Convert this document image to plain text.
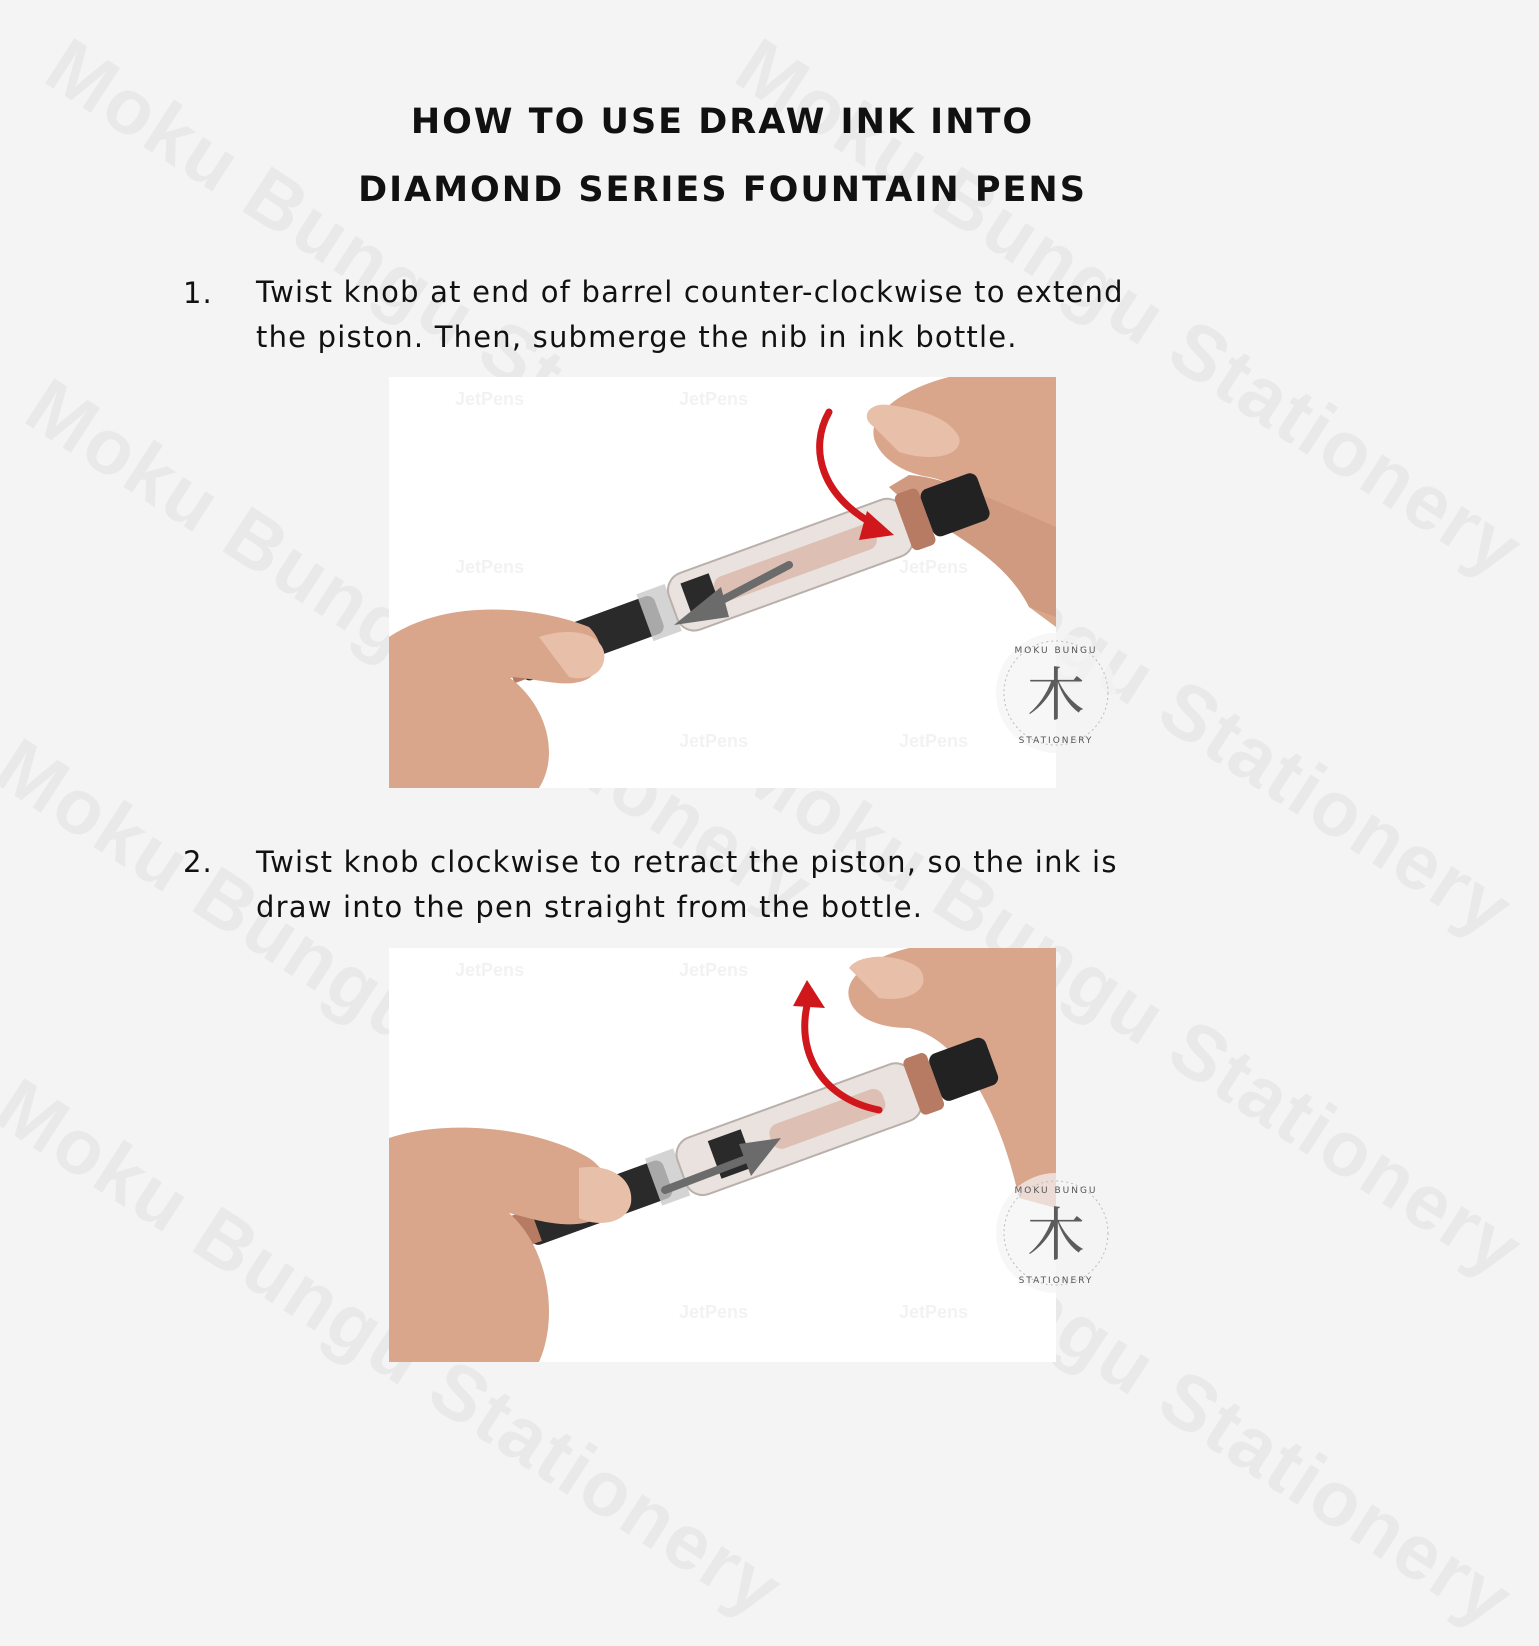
HOW TO USE DRAW INK INTO
DIAMOND SERIES FOUNTAIN PENS
1. Twist knob at end of barrel counter-clockwise to extend
the piston. Then, submerge the nib in ink bottle.
JetPens	JetPens
JetPens	JetPens
JetPens	JetPens
木
MOKU BUNGU
STATIONERY
2. Twist knob clockwise to retract the piston, so the ink is
draw into the pen straight from the bottle.
JetPens	JetPens
JetPens	JetPens
木
MOKU BUNGU
STATIONERY
